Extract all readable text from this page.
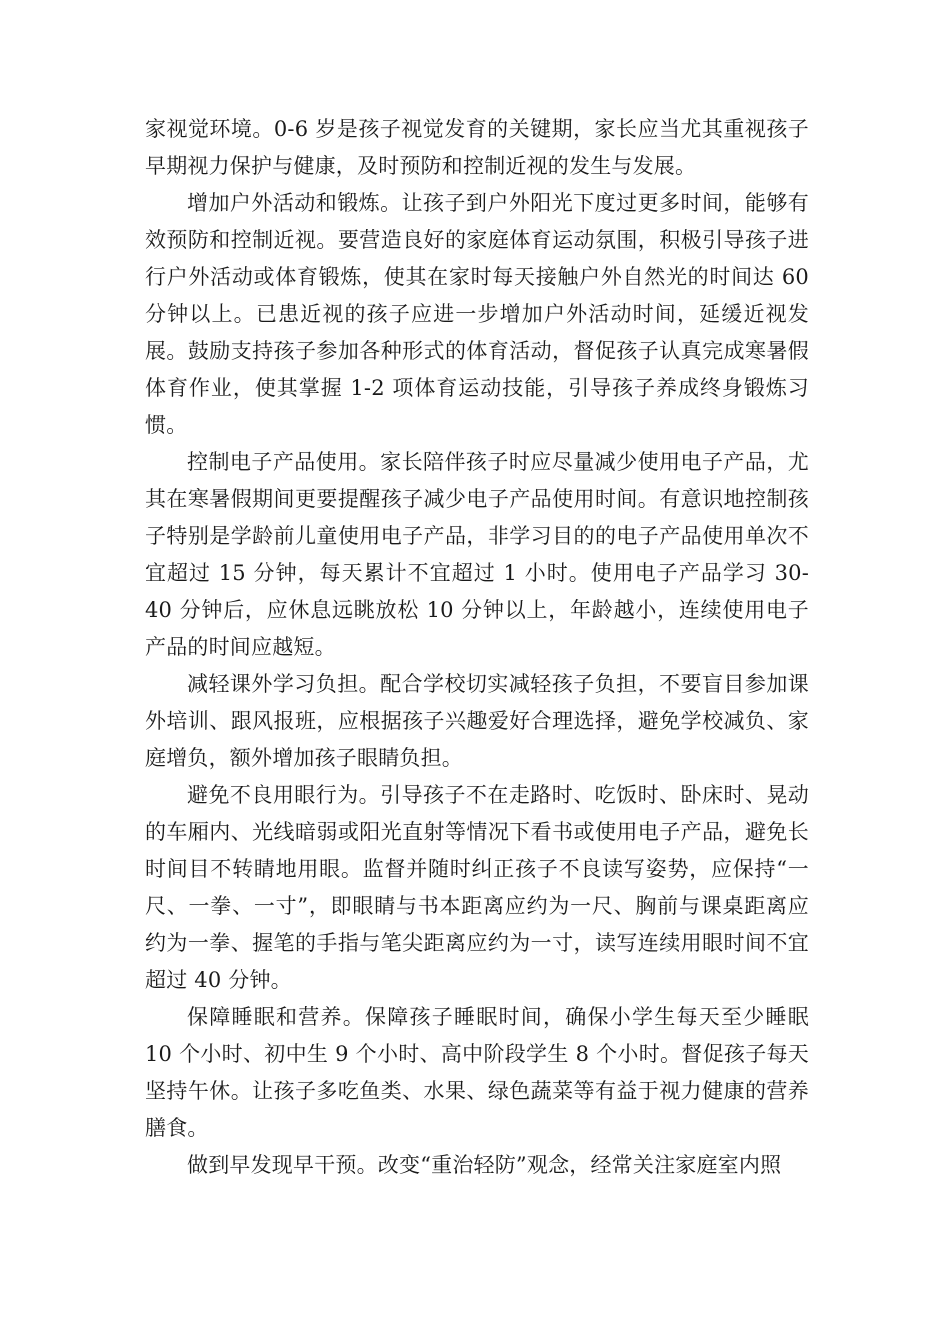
家视觉环境。0-6 岁是孩子视觉发育的关键期，家长应当尤其重视孩子早期视力保护与健康，及时预防和控制近视的发生与发展。

增加户外活动和锻炼。让孩子到户外阳光下度过更多时间，能够有效预防和控制近视。要营造良好的家庭体育运动氛围，积极引导孩子进行户外活动或体育锻炼，使其在家时每天接触户外自然光的时间达 60 分钟以上。已患近视的孩子应进一步增加户外活动时间，延缓近视发展。鼓励支持孩子参加各种形式的体育活动，督促孩子认真完成寒暑假体育作业，使其掌握 1-2 项体育运动技能，引导孩子养成终身锻炼习惯。

控制电子产品使用。家长陪伴孩子时应尽量减少使用电子产品，尤其在寒暑假期间更要提醒孩子减少电子产品使用时间。有意识地控制孩子特别是学龄前儿童使用电子产品，非学习目的的电子产品使用单次不宜超过 15 分钟，每天累计不宜超过 1 小时。使用电子产品学习 30-40 分钟后，应休息远眺放松 10 分钟以上，年龄越小，连续使用电子产品的时间应越短。

减轻课外学习负担。配合学校切实减轻孩子负担，不要盲目参加课外培训、跟风报班，应根据孩子兴趣爱好合理选择，避免学校减负、家庭增负，额外增加孩子眼睛负担。

避免不良用眼行为。引导孩子不在走路时、吃饭时、卧床时、晃动的车厢内、光线暗弱或阳光直射等情况下看书或使用电子产品，避免长时间目不转睛地用眼。监督并随时纠正孩子不良读写姿势，应保持“一尺、一拳、一寸”，即眼睛与书本距离应约为一尺、胸前与课桌距离应约为一拳、握笔的手指与笔尖距离应约为一寸，读写连续用眼时间不宜超过 40 分钟。

保障睡眠和营养。保障孩子睡眠时间，确保小学生每天至少睡眠 10 个小时、初中生 9 个小时、高中阶段学生 8 个小时。督促孩子每天坚持午休。让孩子多吃鱼类、水果、绿色蔬菜等有益于视力健康的营养膳食。

做到早发现早干预。改变“重治轻防”观念，经常关注家庭室内照
